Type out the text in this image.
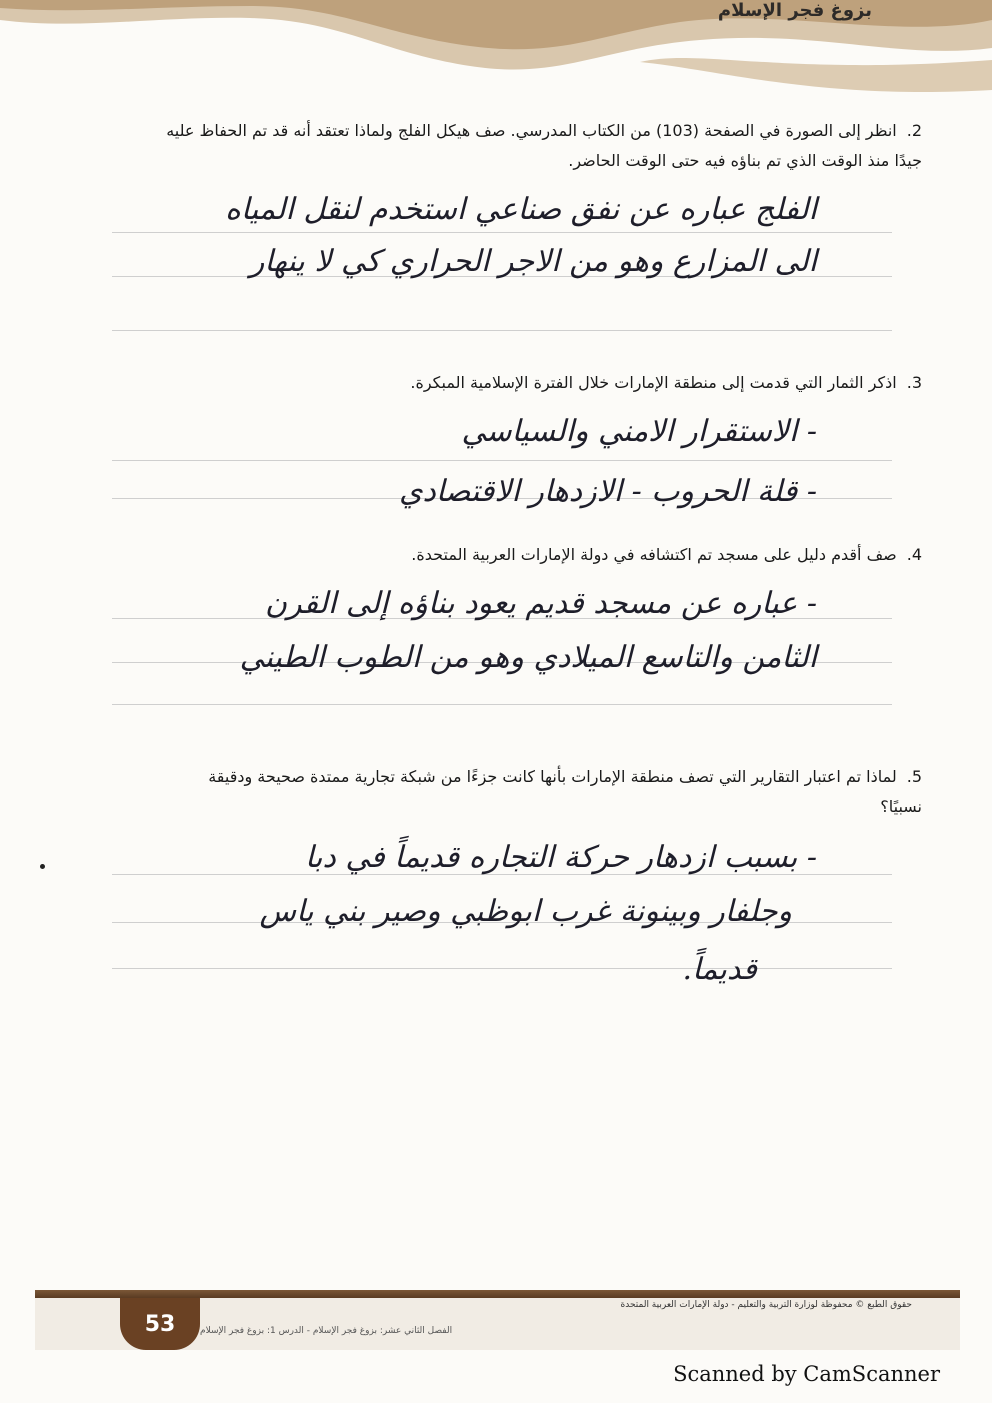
بزوغ فجر الإسلام
2.انظر إلى الصورة في الصفحة (103) من الكتاب المدرسي. صف هيكل الفلج ولماذا تعتقد أنه قد تم الحفاظ عليه
جيدًا منذ الوقت الذي تم بناؤه فيه حتى الوقت الحاضر.
الفلج عباره عن نفق صناعي استخدم لنقل المياه
الى المزارع وهو من الاجر الحراري كي لا ينهار
3.اذكر الثمار التي قدمت إلى منطقة الإمارات خلال الفترة الإسلامية المبكرة.
- الاستقرار الامني والسياسي
- قلة الحروب - الازدهار الاقتصادي
4.صف أقدم دليل على مسجد تم اكتشافه في دولة الإمارات العربية المتحدة.
- عباره عن مسجد قديم يعود بناؤه إلى القرن
الثامن والتاسع الميلادي وهو من الطوب الطيني
5.لماذا تم اعتبار التقارير التي تصف منطقة الإمارات بأنها كانت جزءًا من شبكة تجارية ممتدة صحيحة ودقيقة
نسبيًا؟
- بسبب ازدهار حركة التجاره قديماً في دبا
وجلفار وبينونة غرب ابوظبي وصير بني ياس
قديماً.
53
حقوق الطبع © محفوظة لوزارة التربية والتعليم - دولة الإمارات العربية المتحدة
الفصل الثاني عشر: بزوغ فجر الإسلام - الدرس 1: بزوغ فجر الإسلام
Scanned by CamScanner
